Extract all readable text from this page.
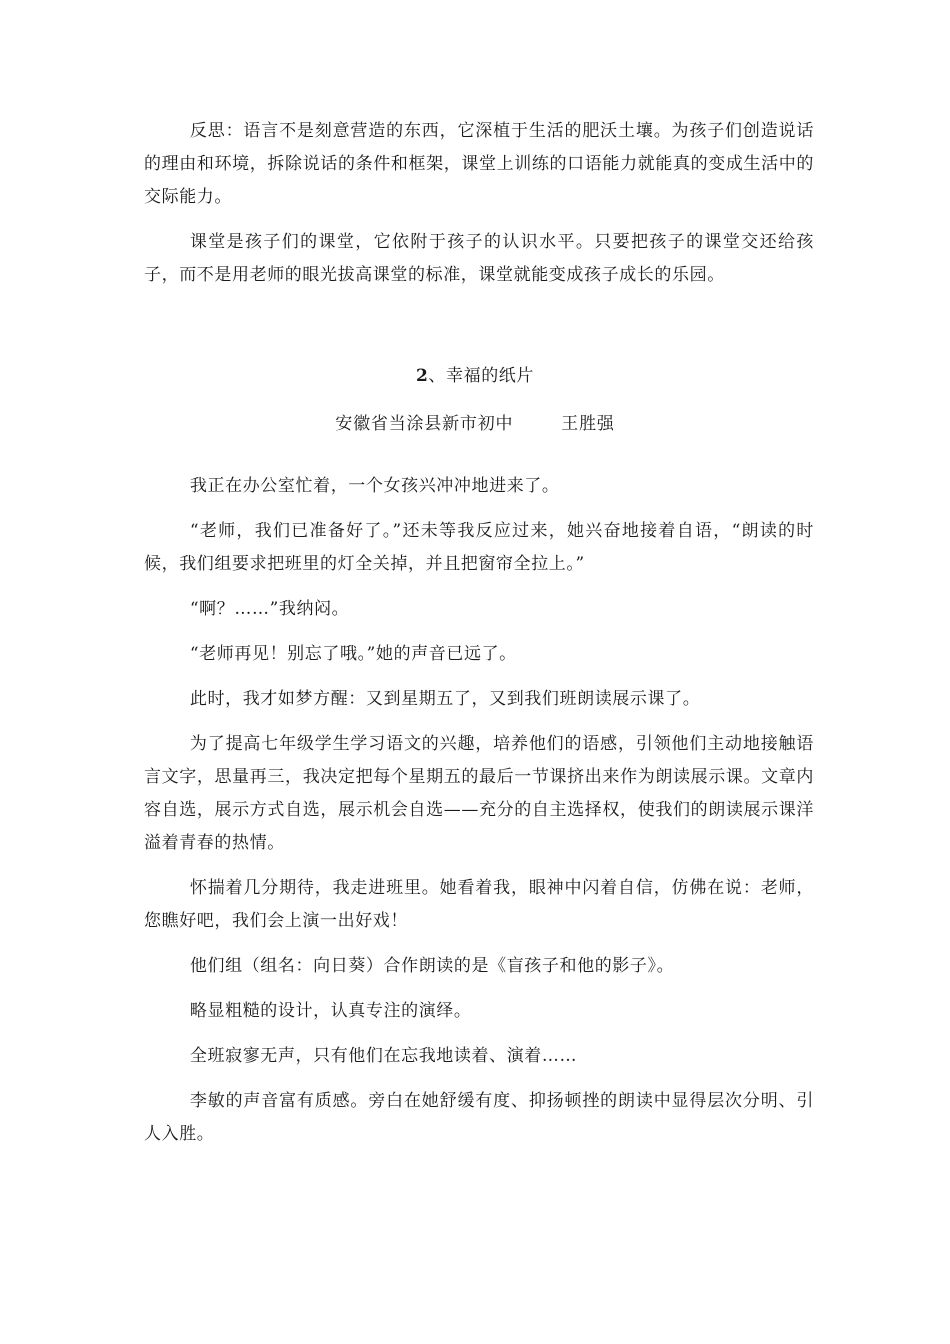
反思：语言不是刻意营造的东西，它深植于生活的肥沃土壤。为孩子们创造说话的理由和环境，拆除说话的条件和框架，课堂上训练的口语能力就能真的变成生活中的交际能力。

课堂是孩子们的课堂，它依附于孩子的认识水平。只要把孩子的课堂交还给孩子，而不是用老师的眼光拔高课堂的标准，课堂就能变成孩子成长的乐园。

2、幸福的纸片
安徽省当涂县新市初中	王胜强

我正在办公室忙着，一个女孩兴冲冲地进来了。

“老师，我们已准备好了。”还未等我反应过来，她兴奋地接着自语，“朗读的时候，我们组要求把班里的灯全关掉，并且把窗帘全拉上。”

“啊？……”我纳闷。

“老师再见！别忘了哦。”她的声音已远了。

此时，我才如梦方醒：又到星期五了，又到我们班朗读展示课了。

为了提高七年级学生学习语文的兴趣，培养他们的语感，引领他们主动地接触语言文字，思量再三，我决定把每个星期五的最后一节课挤出来作为朗读展示课。文章内容自选，展示方式自选，展示机会自选——充分的自主选择权，使我们的朗读展示课洋溢着青春的热情。

怀揣着几分期待，我走进班里。她看着我，眼神中闪着自信，仿佛在说：老师，您瞧好吧，我们会上演一出好戏！

他们组（组名：向日葵）合作朗读的是《盲孩子和他的影子》。

略显粗糙的设计，认真专注的演绎。

全班寂寥无声，只有他们在忘我地读着、演着……

李敏的声音富有质感。旁白在她舒缓有度、抑扬顿挫的朗读中显得层次分明、引人入胜。
